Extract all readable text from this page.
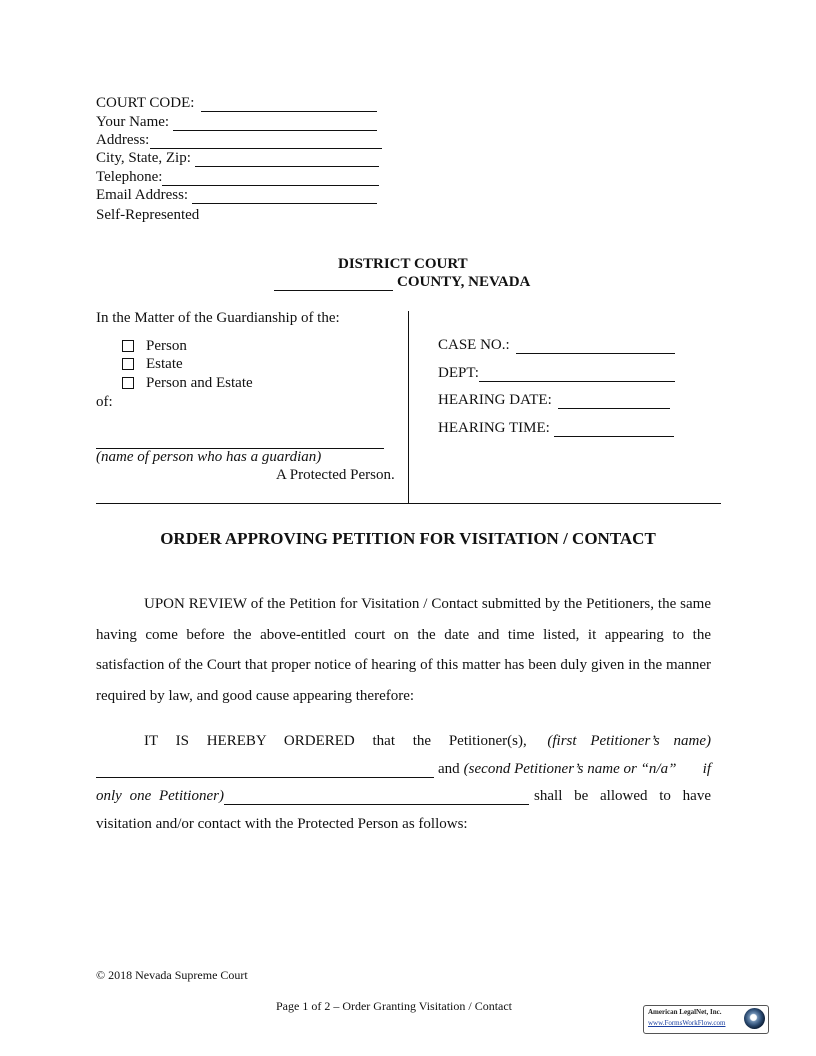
COURT CODE:
Your Name:
Address:
City, State, Zip:
Telephone:
Email Address:
Self-Represented
DISTRICT COURT
COUNTY, NEVADA
In the Matter of the Guardianship of the:
Person
Estate
Person and Estate
of:
(name of person who has a guardian)
A Protected Person.
CASE NO.:
DEPT:
HEARING DATE:
HEARING TIME:
ORDER APPROVING PETITION FOR VISITATION / CONTACT
UPON REVIEW of the Petition for Visitation / Contact submitted by the Petitioners, the same having come before the above-entitled court on the date and time listed, it appearing to the satisfaction of the Court that proper notice of hearing of this matter has been duly given in the manner required by law, and good cause appearing therefore:
IT IS HEREBY ORDERED that the Petitioner(s), (first Petitioner’s name)
and (second Petitioner’s name or “n/a” if
only one Petitioner)	shall be allowed to have
visitation and/or contact with the Protected Person as follows:
© 2018 Nevada Supreme Court
Page 1 of 2 – Order Granting Visitation / Contact	American LegalNet, Inc.
www.FormsWorkFlow.com
